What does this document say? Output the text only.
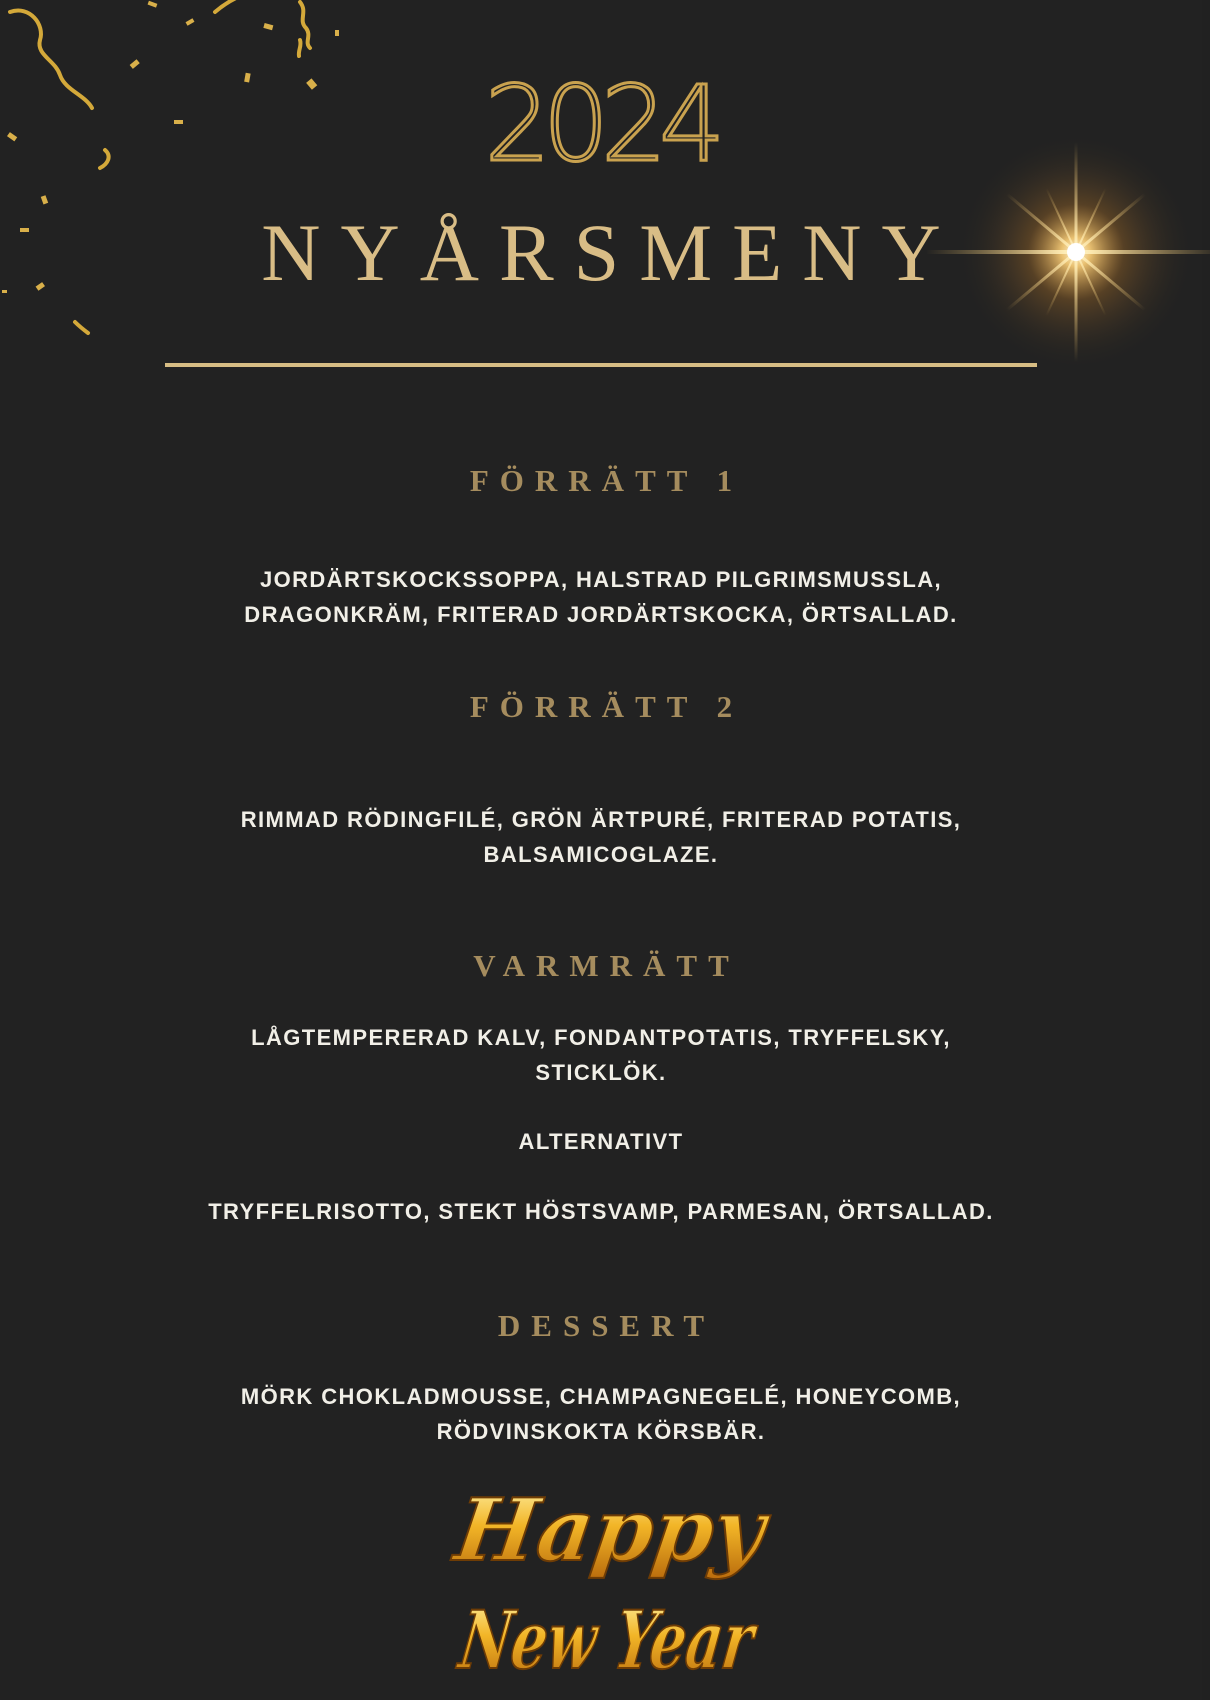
2024
NYÅRSMENY
FÖRRÄTT 1
JORDÄRTSKOCKSSOPPA, HALSTRAD PILGRIMSMUSSLA,
DRAGONKRÄM, FRITERAD JORDÄRTSKOCKA, ÖRTSALLAD.
FÖRRÄTT 2
RIMMAD RÖDINGFILÉ, GRÖN ÄRTPURÉ, FRITERAD POTATIS,
BALSAMICOGLAZE.
VARMRÄTT
LÅGTEMPERERAD KALV, FONDANTPOTATIS, TRYFFELSKY,
STICKLÖK.
ALTERNATIVT
TRYFFELRISOTTO, STEKT HÖSTSVAMP, PARMESAN, ÖRTSALLAD.
DESSERT
MÖRK CHOKLADMOUSSE, CHAMPAGNEGELÉ, HONEYCOMB,
RÖDVINSKOKTA KÖRSBÄR.
Happy
New Year
